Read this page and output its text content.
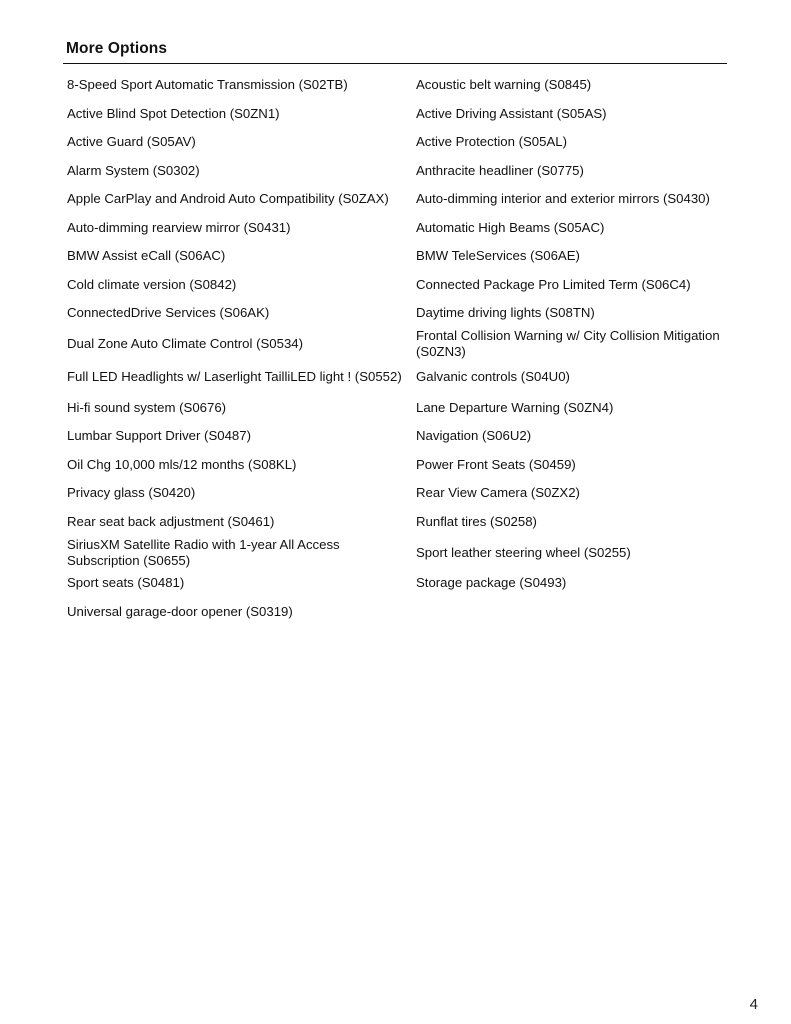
More Options
8-Speed Sport Automatic Transmission (S02TB)	Acoustic belt warning (S0845)
Active Blind Spot Detection (S0ZN1)	Active Driving Assistant (S05AS)
Active Guard (S05AV)	Active Protection (S05AL)
Alarm System (S0302)	Anthracite headliner (S0775)
Apple CarPlay and Android Auto Compatibility (S0ZAX)	Auto-dimming interior and exterior mirrors (S0430)
Auto-dimming rearview mirror (S0431)	Automatic High Beams (S05AC)
BMW Assist eCall (S06AC)	BMW TeleServices (S06AE)
Cold climate version (S0842)	Connected Package Pro Limited Term (S06C4)
ConnectedDrive Services (S06AK)	Daytime driving lights (S08TN)
Dual Zone Auto Climate Control (S0534)	Frontal Collision Warning w/ City Collision Mitigation (S0ZN3)
Full LED Headlights w/ Laserlight TailliLED light ! (S0552)	Galvanic controls (S04U0)
Hi-fi sound system (S0676)	Lane Departure Warning (S0ZN4)
Lumbar Support Driver (S0487)	Navigation (S06U2)
Oil Chg 10,000 mls/12 months (S08KL)	Power Front Seats (S0459)
Privacy glass (S0420)	Rear View Camera (S0ZX2)
Rear seat back adjustment (S0461)	Runflat tires (S0258)
SiriusXM Satellite Radio with 1-year All Access Subscription (S0655)	Sport leather steering wheel (S0255)
Sport seats (S0481)	Storage package (S0493)
Universal garage-door opener (S0319)	
4
